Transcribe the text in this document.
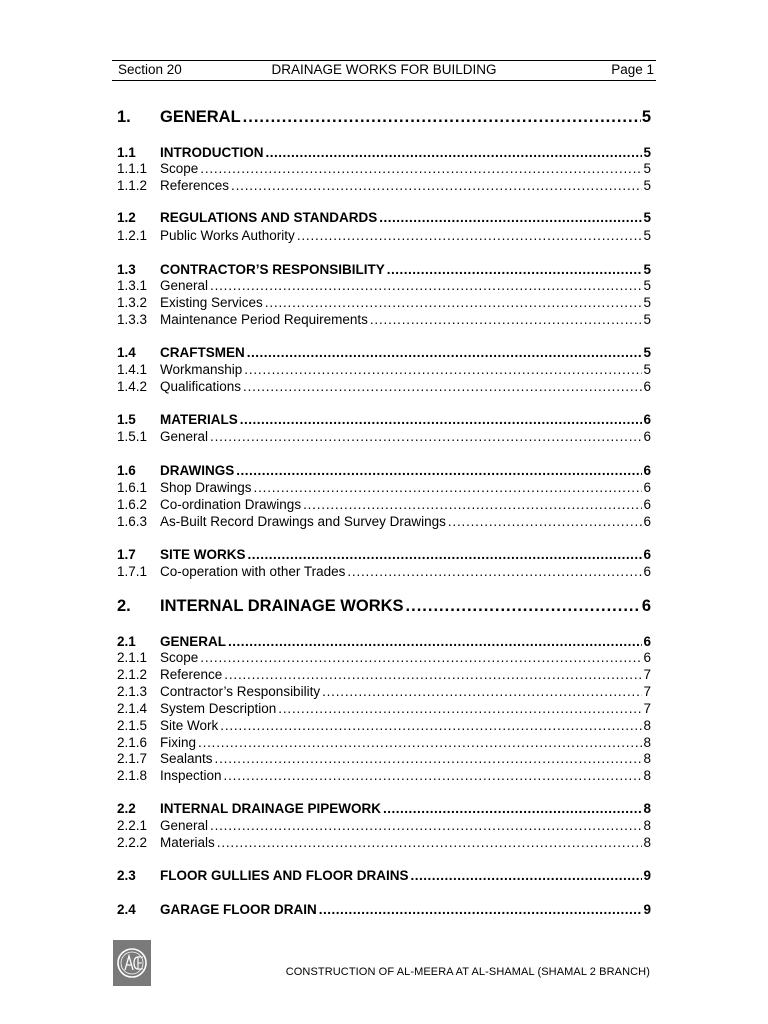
Section 20	DRAINAGE WORKS FOR BUILDING	Page 1
1.	GENERAL .....	5
1.1	INTRODUCTION .....	5
1.1.1 Scope .....	5
1.1.2 References .....	5
1.2	REGULATIONS AND STANDARDS .....	5
1.2.1 Public Works Authority .....	5
1.3	CONTRACTOR’S RESPONSIBILITY .....	5
1.3.1 General .....	5
1.3.2 Existing Services .....	5
1.3.3 Maintenance Period Requirements .....	5
1.4	CRAFTSMEN .....	5
1.4.1 Workmanship .....	5
1.4.2 Qualifications .....	6
1.5	MATERIALS .....	6
1.5.1 General .....	6
1.6	DRAWINGS .....	6
1.6.1 Shop Drawings .....	6
1.6.2 Co-ordination Drawings .....	6
1.6.3 As-Built Record Drawings and Survey Drawings .....	6
1.7	SITE WORKS .....	6
1.7.1 Co-operation with other Trades .....	6
2.	INTERNAL DRAINAGE WORKS .....	6
2.1	GENERAL .....	6
2.1.1 Scope .....	6
2.1.2 Reference .....	7
2.1.3 Contractor’s Responsibility .....	7
2.1.4 System Description .....	7
2.1.5 Site Work .....	8
2.1.6 Fixing .....	8
2.1.7 Sealants .....	8
2.1.8 Inspection .....	8
2.2	INTERNAL DRAINAGE PIPEWORK .....	8
2.2.1 General .....	8
2.2.2 Materials .....	8
2.3	FLOOR GULLIES AND FLOOR DRAINS .....	9
2.4	GARAGE FLOOR DRAIN .....	9
CONSTRUCTION OF AL-MEERA AT AL-SHAMAL (SHAMAL 2 BRANCH)
